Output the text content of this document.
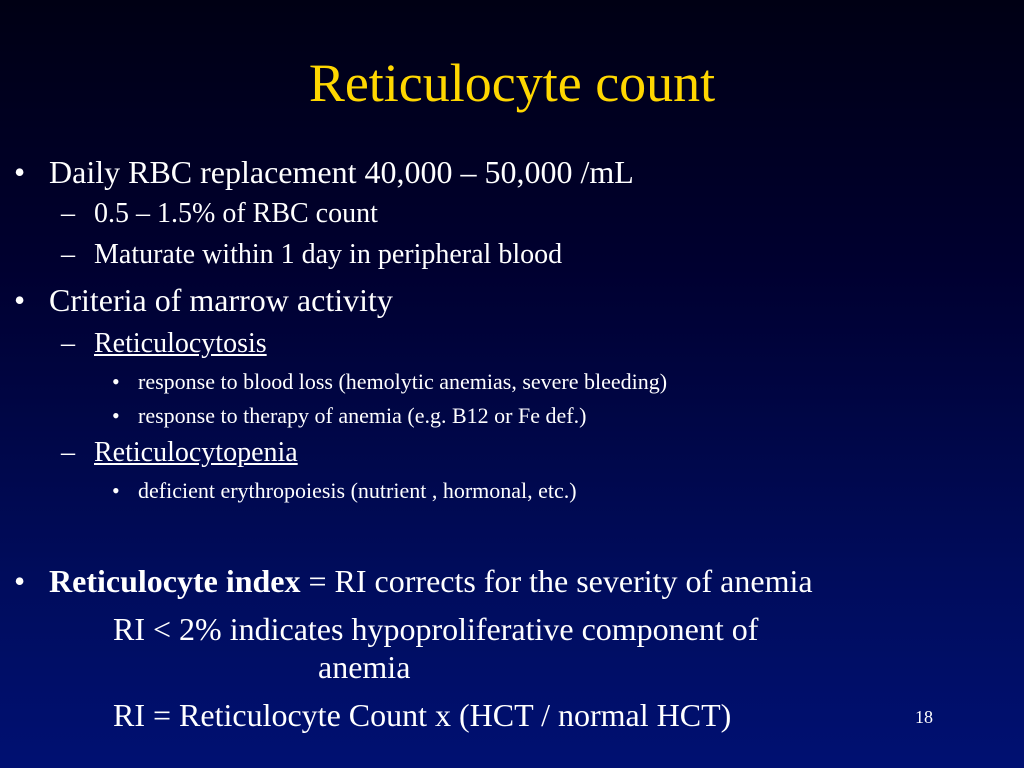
Reticulocyte count
• Daily RBC replacement 40,000 – 50,000 /mL
– 0.5 – 1.5% of RBC count
– Maturate within 1 day in peripheral blood
• Criteria of marrow activity
– Reticulocytosis
• response to blood loss (hemolytic anemias, severe bleeding)
• response to therapy of anemia (e.g. B12 or Fe def.)
– Reticulocytopenia
• deficient erythropoiesis (nutrient , hormonal, etc.)
• Reticulocyte index = RI corrects for the severity of anemia
RI < 2% indicates hypoproliferative component of
anemia
RI = Reticulocyte Count x (HCT / normal HCT)	18
